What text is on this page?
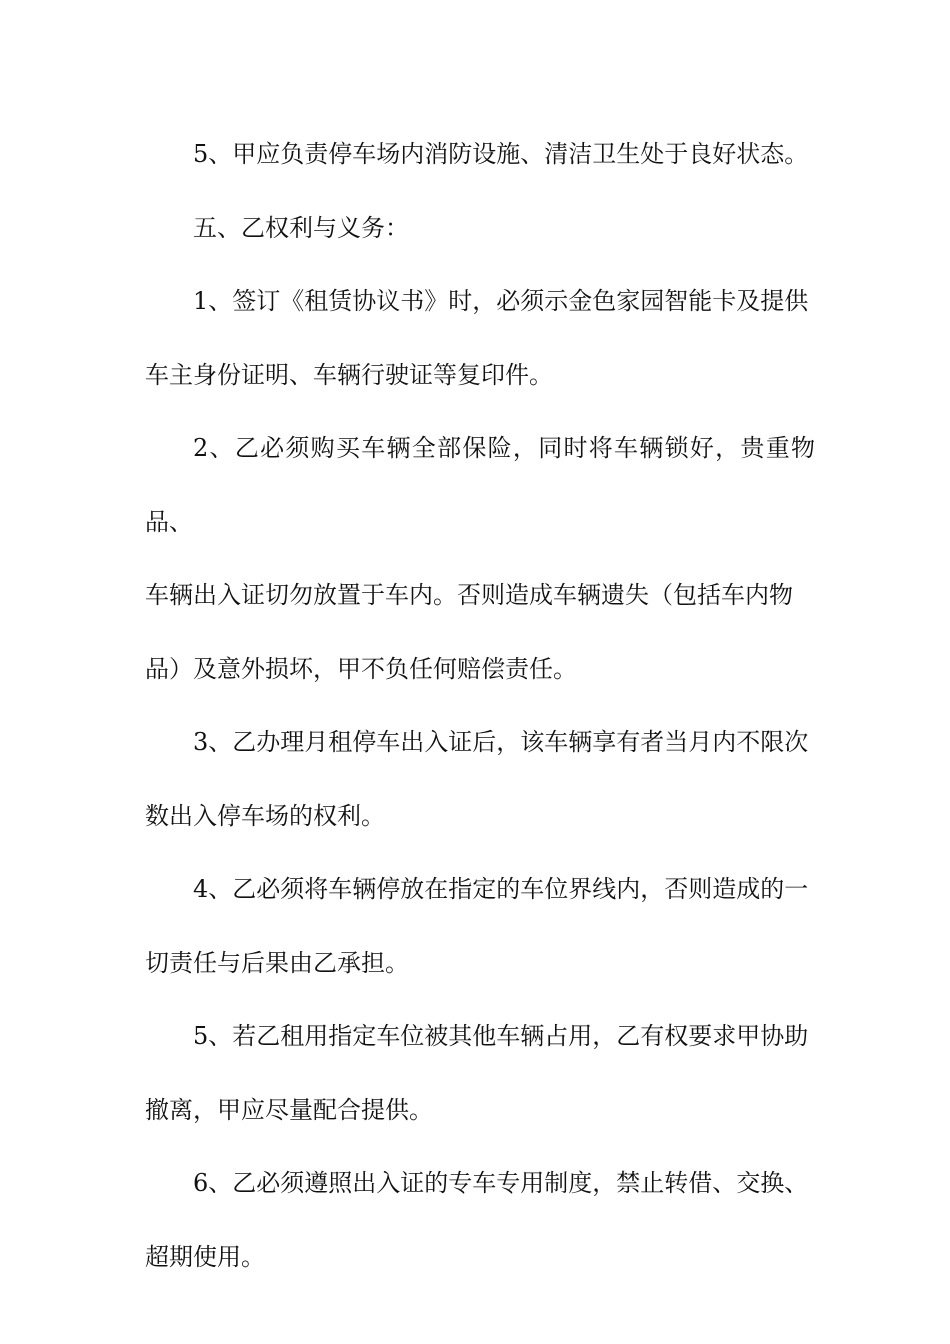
5、甲应负责停车场内消防设施、清洁卫生处于良好状态。

五、乙权利与义务：

1、签订《租赁协议书》时，必须示金色家园智能卡及提供
车主身份证明、车辆行驶证等复印件。

2、乙必须购买车辆全部保险，同时将车辆锁好，贵重物品、
车辆出入证切勿放置于车内。否则造成车辆遗失（包括车内物
品）及意外损坏，甲不负任何赔偿责任。

3、乙办理月租停车出入证后，该车辆享有者当月内不限次
数出入停车场的权利。

4、乙必须将车辆停放在指定的车位界线内，否则造成的一
切责任与后果由乙承担。

5、若乙租用指定车位被其他车辆占用，乙有权要求甲协助
撤离，甲应尽量配合提供。

6、乙必须遵照出入证的专车专用制度，禁止转借、交换、
超期使用。
